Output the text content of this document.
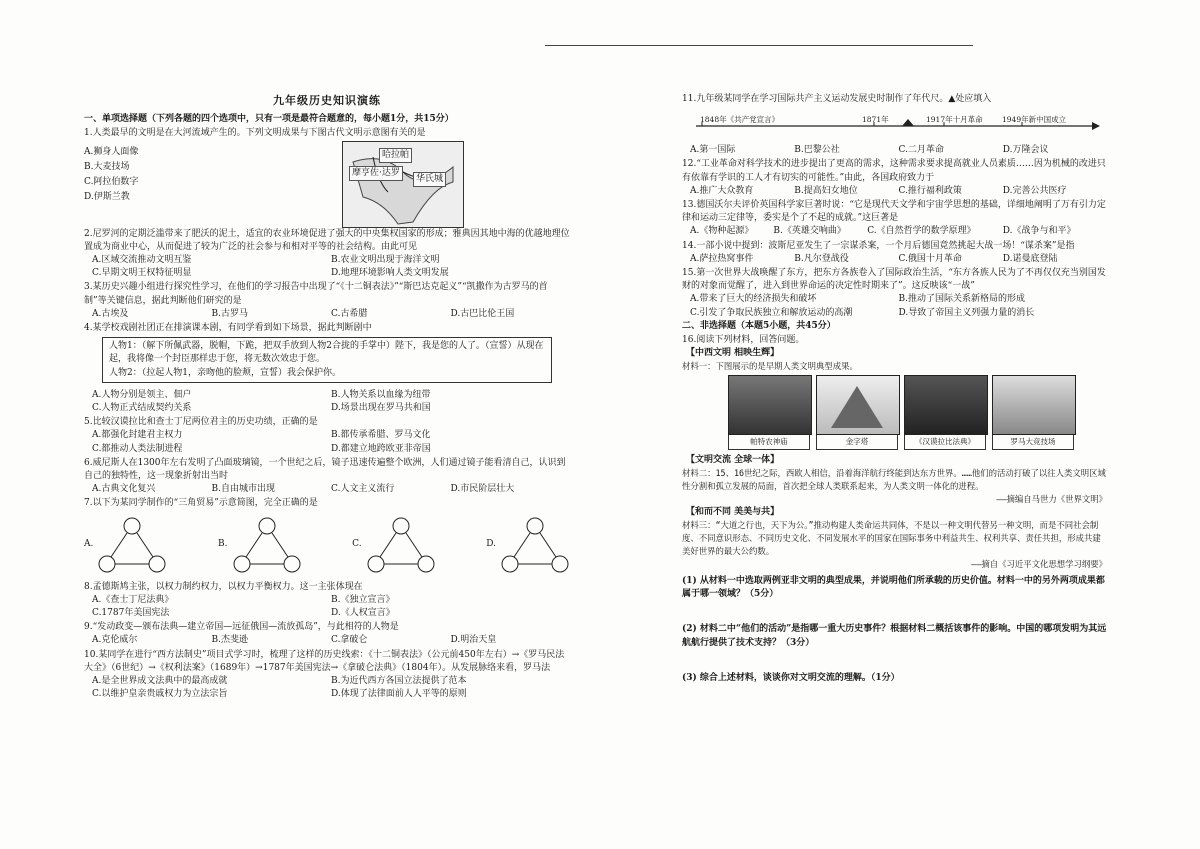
九年级历史知识演练
一、单项选择题（下列各题的四个选项中，只有一项是最符合题意的，每小题1分，共15分）
1.人类最早的文明是在大河流域产生的。下列文明成果与下图古代文明示意图有关的是
A.狮身人面像
B.大麦技场
C.阿拉伯数字
D.伊斯兰教
哈拉帕
摩亨佐·达罗
华氏城
2.尼罗河的定期泛滥带来了肥沃的泥土，适宜的农业环境促进了强大的中央集权国家的形成；雅典因其地中海的优越地理位置成为商业中心，从而促进了较为广泛的社会参与和相对平等的社会结构。由此可见
A.区域交流推动文明互鉴	B.农业文明出现于海洋文明
C.早期文明王权特征明显	D.地理环境影响人类文明发展
3.某历史兴趣小组进行探究性学习，在他们的学习报告中出现了“《十二铜表法》”“斯巴达克起义”“凯撒作为古罗马的首制”等关键信息，据此判断他们研究的是
A.古埃及	B.古罗马	C.古希腊	D.古巴比伦王国
4.某学校戏剧社团正在排演课本剧，有同学看到如下场景，据此判断剧中
人物1：（解下所佩武器，脱帽，下跪，把双手放到人物2合拢的手掌中）陛下，我是您的人了。（宣誓）从现在起，我将像一个封臣那样忠于您，将无数次效忠于您。
人物2：（拉起人物1，亲吻他的脸颊，宣誓）我会保护你。
A.人物分别是领主、佃户	B.人物关系以血缘为纽带
C.人物正式结成契约关系	D.场景出现在罗马共和国
5.比较汉谟拉比和查士丁尼两位君主的历史功绩，正确的是
A.都强化封建君主权力	B.都传承希腊、罗马文化
C.都推动人类法制进程	D.都建立地跨欧亚非帝国
6.威尼斯人在1300年左右发明了凸面玻璃镜，一个世纪之后，镜子迅速传遍整个欧洲，人们通过镜子能看清自己，认识到自己的独特性，这一现象折射出当时
A.古典文化复兴	B.自由城市出现	C.人文主义流行	D.市民阶层壮大
7.以下为某同学制作的“三角贸易”示意简图，完全正确的是
A.	B.	C.	D.
8.孟德斯鸠主张，以权力制约权力，以权力平衡权力。这一主张体现在
A.《查士丁尼法典》	B.《独立宣言》
C.1787年美国宪法	D.《人权宣言》
9.“发动政变—颁布法典—建立帝国—远征俄国—流放孤岛”，与此相符的人物是
A.克伦威尔	B.杰斐逊	C.拿破仑	D.明治天皇
10.某同学在进行“西方法制史”项目式学习时，梳理了这样的历史线索：《十二铜表法》（公元前450年左右）→《罗马民法大全》（6世纪）→《权利法案》（1689年）→1787年美国宪法→《拿破仑法典》（1804年）。从发展脉络来看，罗马法
A.是全世界成文法典中的最高成就	B.为近代西方各国立法提供了范本
C.以维护皇亲贵戚权力为立法宗旨	D.体现了法律面前人人平等的原则
11.九年级某同学在学习国际共产主义运动发展史时制作了年代尺。▲处应填入
1848年《共产党宣言》	1871年	1917年十月革命	1949年新中国成立
A.第一国际	B.巴黎公社	C.二月革命	D.万隆会议
12.“工业革命对科学技术的进步提出了更高的需求，这种需求要求提高就业人员素质……因为机械的改进只有依靠有学识的工人才有切实的可能性。”由此，各国政府致力于
A.推广大众教育	B.提高妇女地位	C.推行福利政策	D.完善公共医疗
13.德国沃尔夫评价英国科学家巨著时说：“它是现代天文学和宇宙学思想的基础，详细地阐明了万有引力定律和运动三定律等，委实是个了不起的成就。”这巨著是
A.《物种起源》	B.《英雄交响曲》	C.《自然哲学的数学原理》	D.《战争与和平》
14.一部小说中提到：波斯尼亚发生了一宗谋杀案，一个月后德国竟然挑起大战一场！“谋杀案”是指
A.萨拉热窝事件	B.凡尔登战役	C.俄国十月革命	D.诺曼底登陆
15.第一次世界大战唤醒了东方，把东方各族卷入了国际政治生活，“东方各族人民为了不再仅仅充当别国发财的对象而觉醒了，进入到世界命运的决定性时期来了”。这反映该“一战”
A.带来了巨大的经济损失和破坏	B.推动了国际关系新格局的形成
C.引发了争取民族独立和解放运动的高潮	D.导致了帝国主义列强力量的消长
二、非选择题（本题5小题，共45分）
16.阅读下列材料，回答问题。
【中西文明 相映生辉】
材料一：下图展示的是早期人类文明典型成果。
帕特农神庙	金字塔	《汉谟拉比法典》	罗马大竞技场
【文明交流 全球一体】
材料二：15、16世纪之际，西欧人相信，沿着海洋航行终能到达东方世界。……他们的活动打破了以往人类文明区域性分割和孤立发展的局面，首次把全球人类联系起来，为人类文明一体化的进程。
——摘编自马世力《世界文明》
【和而不同 美美与共】
材料三：“大道之行也，天下为公。”推动构建人类命运共同体，不是以一种文明代替另一种文明，而是不同社会制度、不同意识形态、不同历史文化、不同发展水平的国家在国际事务中利益共生、权利共享、责任共担，形成共建美好世界的最大公约数。
——摘自《习近平文化思想学习纲要》
(1) 从材料一中选取两例亚非文明的典型成果，并说明他们所承载的历史价值。材料一中的另外两项成果都属于哪一领域？（5分）
(2) 材料二中“他们的活动”是指哪一重大历史事件？根据材料二概括该事件的影响。中国的哪项发明为其远航航行提供了技术支持？（3分）
(3) 综合上述材料，谈谈你对文明交流的理解。（1分）
